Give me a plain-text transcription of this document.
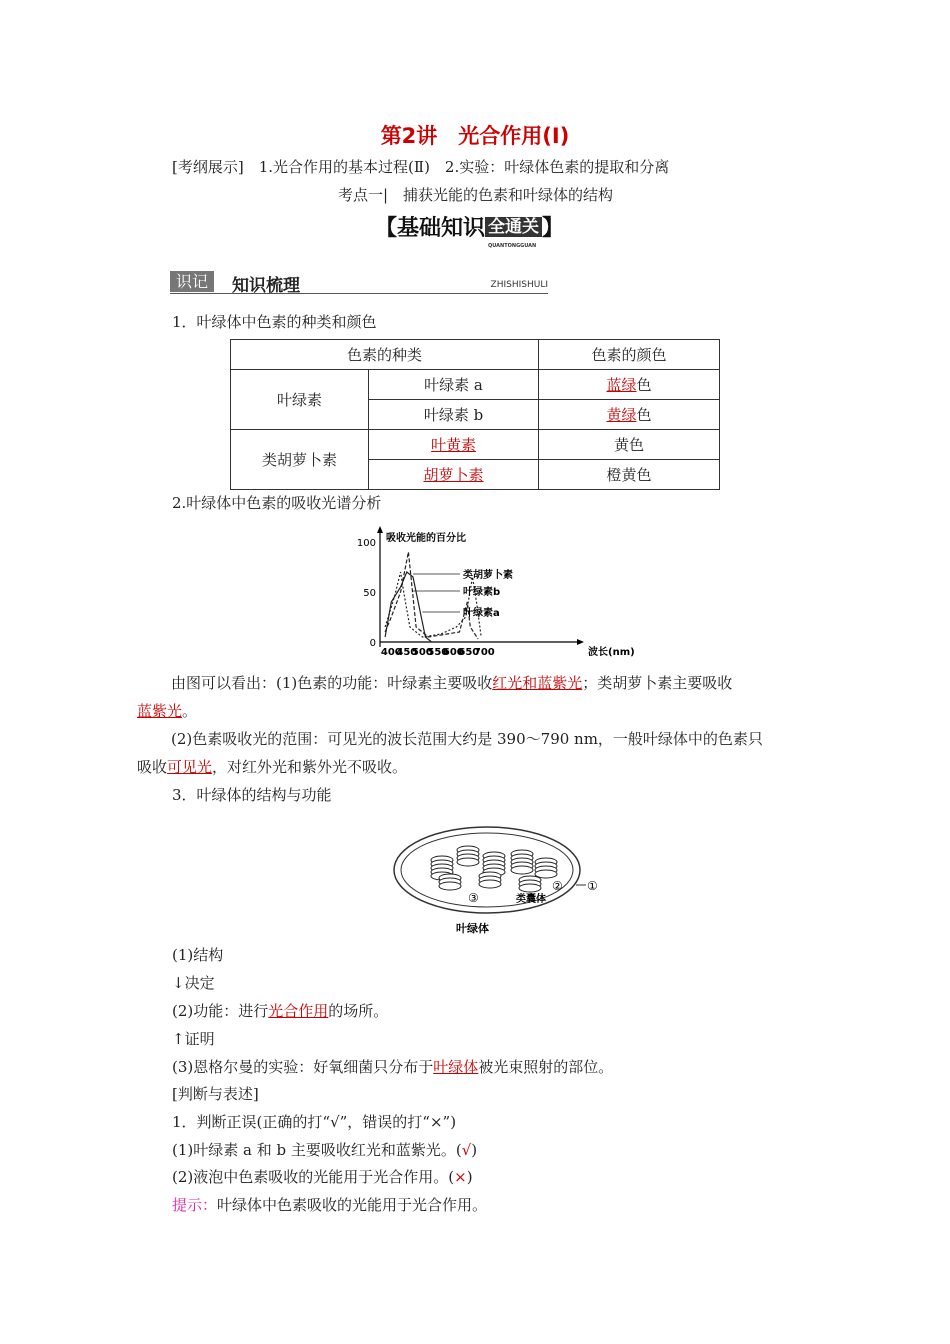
第2讲　光合作用(Ⅰ)
[考纲展示]　1.光合作用的基本过程(Ⅱ)　2.实验：叶绿体色素的提取和分离
考点一|　捕获光能的色素和叶绿体的结构
【基础知识 全通关
QUANTONGGUAN
】
识记	知识梳理	ZHISHISHULI
1．叶绿体中色素的种类和颜色
色素的种类		色素的颜色
叶绿素	叶绿素 a	蓝绿色
	叶绿素 b	黄绿色
类胡萝卜素	叶黄素	黄色
	胡萝卜素	橙黄色
2.叶绿体中色素的吸收光谱分析
吸收光能的百分比
波长(nm)
0
50
100
400
450
500
550
600
650
700
类胡萝卜素
叶绿素b
叶绿素a
由图可以看出：(1)色素的功能：叶绿素主要吸收红光和蓝紫光；类胡萝卜素主要吸收
蓝紫光。
(2)色素吸收光的范围：可见光的波长范围大约是 390～790 nm，一般叶绿体中的色素只
吸收可见光，对红外光和紫外光不吸收。
3．叶绿体的结构与功能
类囊体
③
② ①
叶绿体
(1)结构
↓决定
(2)功能：进行光合作用的场所。
↑证明
(3)恩格尔曼的实验：好氧细菌只分布于叶绿体被光束照射的部位。
[判断与表述]
1．判断正误(正确的打“√”，错误的打“×”)
(1)叶绿素 a 和 b 主要吸收红光和蓝紫光。(√)
(2)液泡中色素吸收的光能用于光合作用。(×)
提示：叶绿体中色素吸收的光能用于光合作用。
